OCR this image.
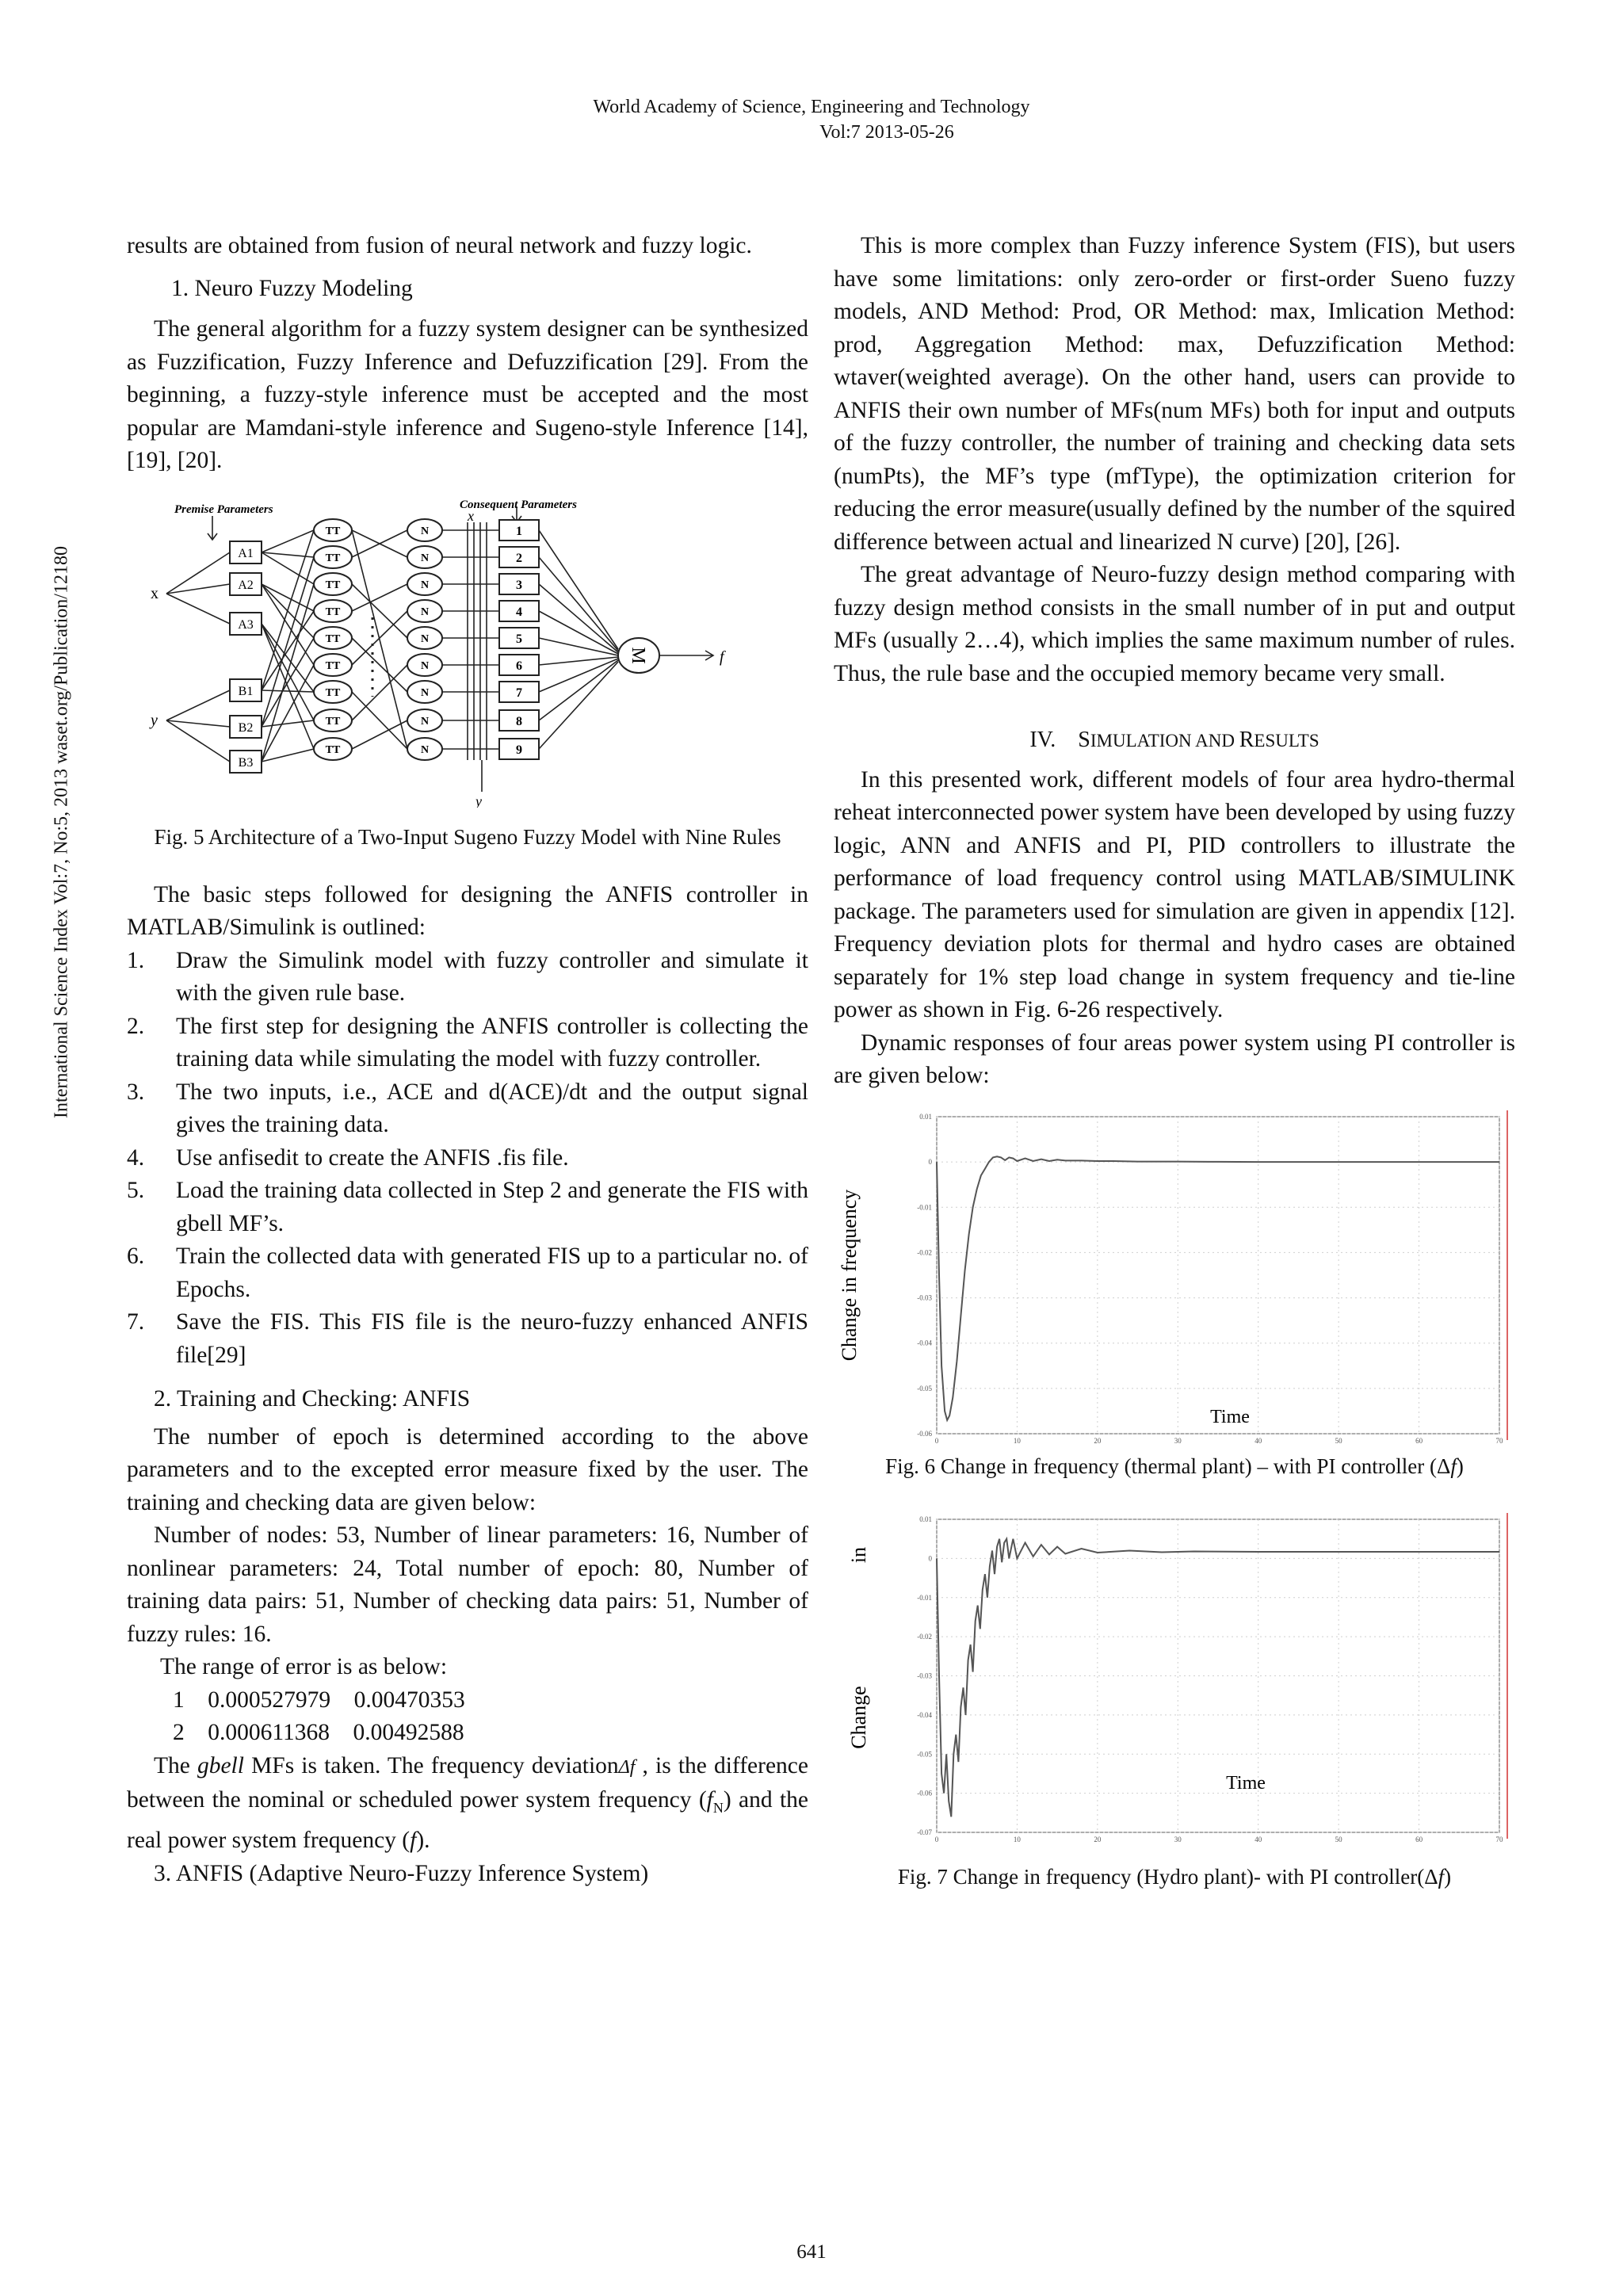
World Academy of Science, Engineering and Technology
Vol:7 2013-05-26
International Science Index Vol:7, No:5, 2013 waset.org/Publication/12180

results are obtained from fusion of neural network and fuzzy logic.

1. Neuro Fuzzy Modeling

The general algorithm for a fuzzy system designer can be synthesized as Fuzzification, Fuzzy Inference and Defuzzification [29]. From the beginning, a fuzzy-style inference must be accepted and the most popular are Mamdani-style inference and Sugeno-style Inference [14], [19], [20].

Premise Parameters	Consequent Parameters
x
y
x
y
A1
A2
A3
B1
B2
B3
TT
TT
TT
TT
TT
TT
TT
TT
TT
N
N
N
N
N
N
N
N
N
1
2
3
4
5
6
7
8
9
M	f

Fig. 5 Architecture of a Two-Input Sugeno Fuzzy Model with Nine Rules

The basic steps followed for designing the ANFIS controller in MATLAB/Simulink is outlined:

1.	Draw the Simulink model with fuzzy controller and simulate it with the given rule base.
2.	The first step for designing the ANFIS controller is collecting the training data while simulating the model with fuzzy controller.
3.	The two inputs, i.e., ACE and d(ACE)/dt and the output signal gives the training data.
4.	Use anfisedit to create the ANFIS .fis file.
5.	Load the training data collected in Step 2 and generate the FIS with gbell MF’s.
6.	Train the collected data with generated FIS up to a particular no. of Epochs.
7.	Save the FIS. This FIS file is the neuro-fuzzy enhanced ANFIS file[29]

2. Training and Checking: ANFIS

The number of epoch is determined according to the above parameters and to the excepted error measure fixed by the user. The training and checking data are given below:

Number of nodes: 53, Number of linear parameters: 16, Number of nonlinear parameters: 24, Total number of epoch: 80, Number of training data pairs: 51, Number of checking data pairs: 51, Number of fuzzy rules: 16.

The range of error is as below:

1    0.000527979    0.00470353

2    0.000611368    0.00492588

The gbell MFs is taken. The frequency deviationΔf , is the difference between the nominal or scheduled power system frequency $(f_N)$ and the real power system frequency (f).

3. ANFIS (Adaptive Neuro-Fuzzy Inference System)

This is more complex than Fuzzy inference System (FIS), but users have some limitations: only zero-order or first-order Sueno fuzzy models, AND Method: Prod, OR Method: max, Imlication Method: prod, Aggregation Method: max, Defuzzification Method: wtaver(weighted average). On the other hand, users can provide to ANFIS their own number of MFs(num MFs) both for input and outputs of the fuzzy controller, the number of training and checking data sets (numPts), the MF’s type (mfType), the optimization criterion for reducing the error measure(usually defined by the number of the squired difference between actual and linearized N curve) [20], [26].

The great advantage of Neuro-fuzzy design method comparing with fuzzy design method consists in the small number of in put and output MFs (usually 2…4), which implies the same maximum number of rules. Thus, the rule base and the occupied memory became very small.

IV. SIMULATION AND RESULTS

In this presented work, different models of four area hydro-thermal reheat interconnected power system have been developed by using fuzzy logic, ANN and ANFIS and PI, PID controllers to illustrate the performance of load frequency control using MATLAB/SIMULINK package. The parameters used for simulation are given in appendix [12]. Frequency deviation plots for thermal and hydro cases are obtained separately for 1% step load change in system frequency and tie-line power as shown in Fig. 6-26 respectively.

Dynamic responses of four areas power system using PI controller is are given below:

0	10	20	30	40	50	60	70
0.01
0
-0.01
-0.02
-0.03
-0.04
-0.05
-0.06
Time
Change in frequency

Fig. 6 Change in frequency (thermal plant) – with PI controller (Δf)

0	10	20	30	40	50	60	70
0.01
0
-0.01
-0.02
-0.03
-0.04
-0.05
-0.06
-0.07
Time
in
Change

Fig. 7 Change in frequency (Hydro plant)- with PI controller(Δf)

641
